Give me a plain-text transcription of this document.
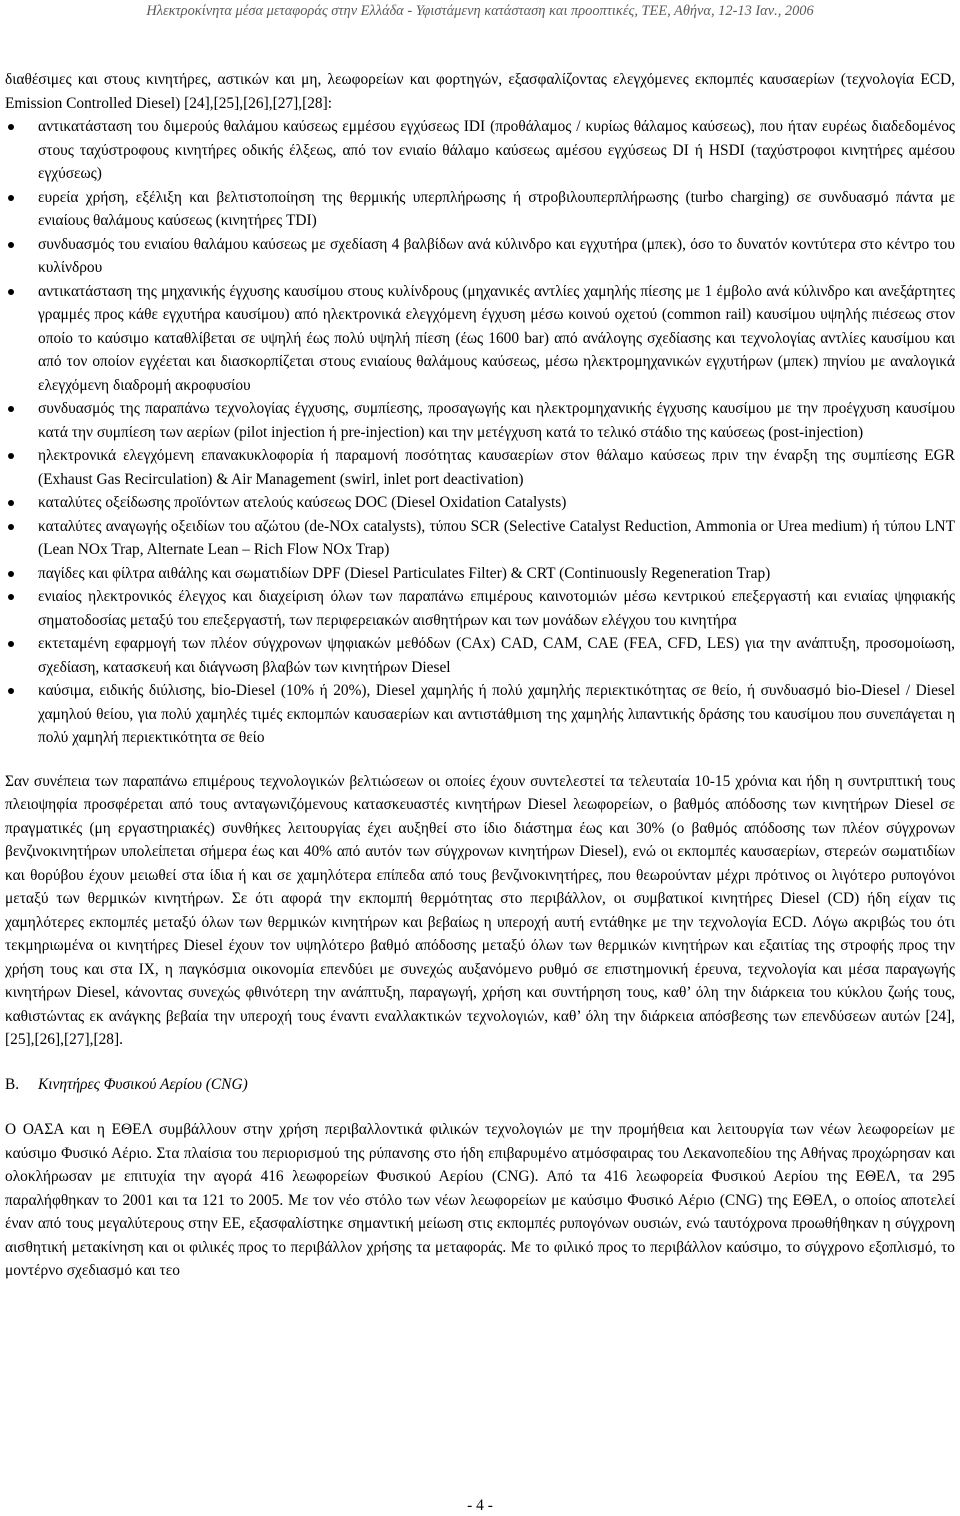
Ηλεκτροκίνητα μέσα μεταφοράς στην Ελλάδα - Υφιστάμενη κατάσταση και προοπτικές, ΤΕΕ, Αθήνα, 12-13 Ιαν., 2006

διαθέσιμες και στους κινητήρες, αστικών και μη, λεωφορείων και φορτηγών, εξασφαλίζοντας ελεγχόμενες εκπομπές καυσαερίων (τεχνολογία ECD, Emission Controlled Diesel) [24],[25],[26],[27],[28]:

αντικατάσταση του διμερούς θαλάμου καύσεως εμμέσου εγχύσεως IDI (προθάλαμος / κυρίως θάλαμος καύσεως), που ήταν ευρέως διαδεδομένος στους ταχύστροφους κινητήρες οδικής έλξεως, από τον ενιαίο θάλαμο καύσεως αμέσου εγχύσεως DI ή HSDI (ταχύστροφοι κινητήρες αμέσου εγχύσεως)
ευρεία χρήση, εξέλιξη και βελτιστοποίηση της θερμικής υπερπλήρωσης ή στροβιλουπερπλήρωσης (turbo charging) σε συνδυασμό πάντα με ενιαίους θαλάμους καύσεως (κινητήρες TDI)
συνδυασμός του ενιαίου θαλάμου καύσεως με σχεδίαση 4 βαλβίδων ανά κύλινδρο και εγχυτήρα (μπεκ), όσο το δυνατόν κοντύτερα στο κέντρο του κυλίνδρου
αντικατάσταση της μηχανικής έγχυσης καυσίμου στους κυλίνδρους (μηχανικές αντλίες χαμηλής πίεσης με 1 έμβολο ανά κύλινδρο και ανεξάρτητες γραμμές προς κάθε εγχυτήρα καυσίμου) από ηλεκτρονικά ελεγχόμενη έγχυση μέσω κοινού οχετού (common rail) καυσίμου υψηλής πιέσεως στον οποίο το καύσιμο καταθλίβεται σε υψηλή έως πολύ υψηλή πίεση (έως 1600 bar) από ανάλογης σχεδίασης και τεχνολογίας αντλίες καυσίμου και από τον οποίον εγχέεται και διασκορπίζεται στους ενιαίους θαλάμους καύσεως, μέσω ηλεκτρομηχανικών εγχυτήρων (μπεκ) πηνίου με αναλογικά ελεγχόμενη διαδρομή ακροφυσίου
συνδυασμός της παραπάνω τεχνολογίας έγχυσης, συμπίεσης, προσαγωγής και ηλεκτρομηχανικής έγχυσης καυσίμου με την προέγχυση καυσίμου κατά την συμπίεση των αερίων (pilot injection ή pre-injection) και την μετέγχυση κατά το τελικό στάδιο της καύσεως (post-injection)
ηλεκτρονικά ελεγχόμενη επανακυκλοφορία ή παραμονή ποσότητας καυσαερίων στον θάλαμο καύσεως πριν την έναρξη της συμπίεσης EGR (Exhaust Gas Recirculation) & Air Management (swirl, inlet port deactivation)
καταλύτες οξείδωσης προϊόντων ατελούς καύσεως DOC (Diesel Oxidation Catalysts)
καταλύτες αναγωγής οξειδίων του αζώτου (de-NOx catalysts), τύπου SCR (Selective Catalyst Reduction, Ammonia or Urea medium) ή τύπου LNT (Lean NOx Trap, Alternate Lean – Rich Flow NOx Trap)
παγίδες και φίλτρα αιθάλης και σωματιδίων DPF (Diesel Particulates Filter) & CRT (Continuously Regeneration Trap)
ενιαίος ηλεκτρονικός έλεγχος και διαχείριση όλων των παραπάνω επιμέρους καινοτομιών μέσω κεντρικού επεξεργαστή και ενιαίας ψηφιακής σηματοδοσίας μεταξύ του επεξεργαστή, των περιφερειακών αισθητήρων και των μονάδων ελέγχου του κινητήρα
εκτεταμένη εφαρμογή των πλέον σύγχρονων ψηφιακών μεθόδων (CAx) CAD, CAM, CAE (FEA, CFD, LES) για την ανάπτυξη, προσομοίωση, σχεδίαση, κατασκευή και διάγνωση βλαβών των κινητήρων Diesel
καύσιμα, ειδικής διύλισης, bio-Diesel (10% ή 20%), Diesel χαμηλής ή πολύ χαμηλής περιεκτικότητας σε θείο, ή συνδυασμό bio-Diesel / Diesel χαμηλού θείου, για πολύ χαμηλές τιμές εκπομπών καυσαερίων και αντιστάθμιση της χαμηλής λιπαντικής δράσης του καυσίμου που συνεπάγεται η πολύ χαμηλή περιεκτικότητα σε θείο

Σαν συνέπεια των παραπάνω επιμέρους τεχνολογικών βελτιώσεων οι οποίες έχουν συντελεστεί τα τελευταία 10-15 χρόνια και ήδη η συντριπτική τους πλειοψηφία προσφέρεται από τους ανταγωνιζόμενους κατασκευαστές κινητήρων Diesel λεωφορείων, ο βαθμός απόδοσης των κινητήρων Diesel σε πραγματικές (μη εργαστηριακές) συνθήκες λειτουργίας έχει αυξηθεί στο ίδιο διάστημα έως και 30% (ο βαθμός απόδοσης των πλέον σύγχρονων βενζινοκινητήρων υπολείπεται σήμερα έως και 40% από αυτόν των σύγχρονων κινητήρων Diesel), ενώ οι εκπομπές καυσαερίων, στερεών σωματιδίων και θορύβου έχουν μειωθεί στα ίδια ή και σε χαμηλότερα επίπεδα από τους βενζινοκινητήρες, που θεωρούνταν μέχρι πρότινος οι λιγότερο ρυπογόνοι μεταξύ των θερμικών κινητήρων. Σε ότι αφορά την εκπομπή θερμότητας στο περιβάλλον, οι συμβατικοί κινητήρες Diesel (CD) ήδη είχαν τις χαμηλότερες εκπομπές μεταξύ όλων των θερμικών κινητήρων και βεβαίως η υπεροχή αυτή εντάθηκε με την τεχνολογία ECD. Λόγω ακριβώς του ότι τεκμηριωμένα οι κινητήρες Diesel έχουν τον υψηλότερο βαθμό απόδοσης μεταξύ όλων των θερμικών κινητήρων και εξαιτίας της στροφής προς την χρήση τους και στα ΙΧ, η παγκόσμια οικονομία επενδύει με συνεχώς αυξανόμενο ρυθμό σε επιστημονική έρευνα, τεχνολογία και μέσα παραγωγής κινητήρων Diesel, κάνοντας συνεχώς φθινότερη την ανάπτυξη, παραγωγή, χρήση και συντήρηση τους, καθ’ όλη την διάρκεια του κύκλου ζωής τους, καθιστώντας εκ ανάγκης βεβαία την υπεροχή τους έναντι εναλλακτικών τεχνολογιών, καθ’ όλη την διάρκεια απόσβεσης των επενδύσεων αυτών [24],[25],[26],[27],[28].

B. Κινητήρες Φυσικού Αερίου (CNG)

Ο ΟΑΣΑ και η ΕΘΕΛ συμβάλλουν στην χρήση περιβαλλοντικά φιλικών τεχνολογιών με την προμήθεια και λειτουργία των νέων λεωφορείων με καύσιμο Φυσικό Αέριο. Στα πλαίσια του περιορισμού της ρύπανσης στο ήδη επιβαρυμένο ατμόσφαιρας του Λεκανοπεδίου της Αθήνας προχώρησαν και ολοκλήρωσαν με επιτυχία την αγορά 416 λεωφορείων Φυσικού Αερίου (CNG). Από τα 416 λεωφορεία Φυσικού Αερίου της ΕΘΕΛ, τα 295 παραλήφθηκαν το 2001 και τα 121 το 2005. Με τον νέο στόλο των νέων λεωφορείων με καύσιμο Φυσικό Αέριο (CNG) της ΕΘΕΛ, ο οποίος αποτελεί έναν από τους μεγαλύτερους στην ΕΕ, εξασφαλίστηκε σημαντική μείωση στις εκπομπές ρυπογόνων ουσιών, ενώ ταυτόχρονα προωθήθηκαν η σύγχρονη αισθητική μετακίνηση και οι φιλικές προς το περιβάλλον χρήσης τα μεταφοράς. Με το φιλικό προς το περιβάλλον καύσιμο, το σύγχρονο εξοπλισμό, το μοντέρνο σχεδιασμό και τεο

- 4 -
